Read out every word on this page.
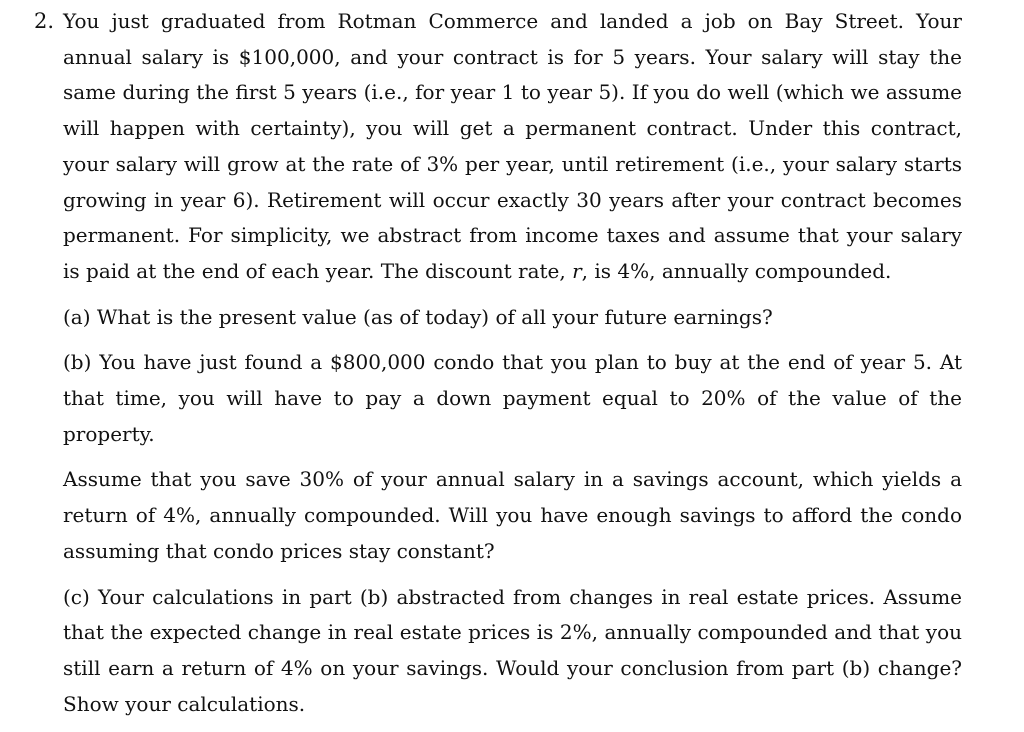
2. You just graduated from Rotman Commerce and landed a job on Bay Street. Your annual salary is $100,000, and your contract is for 5 years. Your salary will stay the same during the first 5 years (i.e., for year 1 to year 5). If you do well (which we assume will happen with certainty), you will get a permanent contract. Under this contract, your salary will grow at the rate of 3% per year, until retirement (i.e., your salary starts growing in year 6). Retirement will occur exactly 30 years after your contract becomes permanent. For simplicity, we abstract from income taxes and assume that your salary is paid at the end of each year. The discount rate, r, is 4%, annually compounded.

(a) What is the present value (as of today) of all your future earnings?

(b) You have just found a $800,000 condo that you plan to buy at the end of year 5. At that time, you will have to pay a down payment equal to 20% of the value of the property.

Assume that you save 30% of your annual salary in a savings account, which yields a return of 4%, annually compounded. Will you have enough savings to afford the condo assuming that condo prices stay constant?

(c) Your calculations in part (b) abstracted from changes in real estate prices. Assume that the expected change in real estate prices is 2%, annually compounded and that you still earn a return of 4% on your savings. Would your conclusion from part (b) change? Show your calculations.
